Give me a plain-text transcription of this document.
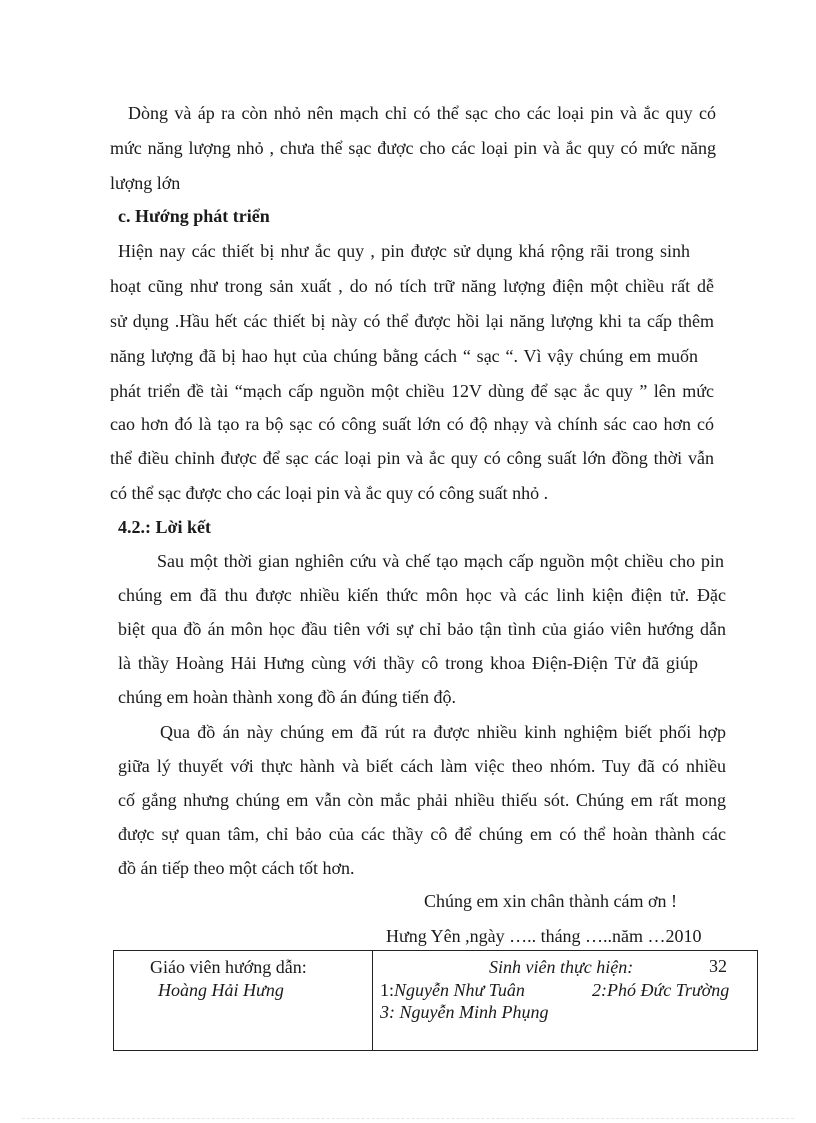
Dòng và áp ra còn nhỏ nên mạch chỉ có thể sạc cho các loại pin và ắc quy có
mức năng lượng nhỏ , chưa thể sạc được cho các loại pin và ắc quy có mức năng
lượng lớn
c. Hướng phát triển
Hiện nay các thiết bị như ắc quy , pin được sử dụng khá rộng rãi trong sinh
hoạt cũng như trong sản xuất , do nó tích trữ năng lượng điện một chiều rất dễ
sử dụng .Hầu hết các thiết bị này có thể được hồi lại năng lượng khi ta cấp thêm
năng lượng đã bị hao hụt của chúng bằng cách “ sạc “. Vì vậy chúng em muốn
phát triển đề tài “mạch cấp nguồn một chiều 12V dùng để sạc ắc quy ” lên mức
cao hơn đó là tạo ra bộ sạc có công suất lớn có độ nhạy và chính sác cao hơn có
thể điều chỉnh được để sạc các loại pin và ắc quy có công suất lớn đồng thời vẫn
có thể sạc được cho các loại pin và ắc quy có công suất nhỏ .
4.2.: Lời kết
Sau một thời gian nghiên cứu và chế tạo mạch cấp nguồn một chiều cho pin
chúng em đã thu được nhiều kiến thức môn học và các linh kiện điện tử. Đặc
biệt qua đồ án môn học đầu tiên với sự chỉ bảo tận tình của giáo viên hướng dẫn
là thầy Hoàng Hải Hưng cùng với thầy cô trong khoa Điện-Điện Tử đã giúp
chúng em hoàn thành xong đồ án đúng tiến độ.
Qua đồ án này chúng em đã rút ra được nhiều kinh nghiệm biết phối hợp
giữa lý thuyết với thực hành và biết cách làm việc theo nhóm. Tuy đã có nhiều
cố gắng nhưng chúng em vẫn còn mắc phải nhiều thiếu sót. Chúng em rất mong
được sự quan tâm, chỉ bảo của các thầy cô để chúng em có thể hoàn thành các
đồ án tiếp theo một cách tốt hơn.
Chúng em xin chân thành cám ơn !
Hưng Yên ,ngày ….. tháng …..năm …2010
Giáo viên hướng dẫn:
Hoàng Hải Hưng
Sinh viên thực hiện:	32
1: Nguyễn Như Tuân	2:Phó Đức Trường
3: Nguyễn Minh Phụng
